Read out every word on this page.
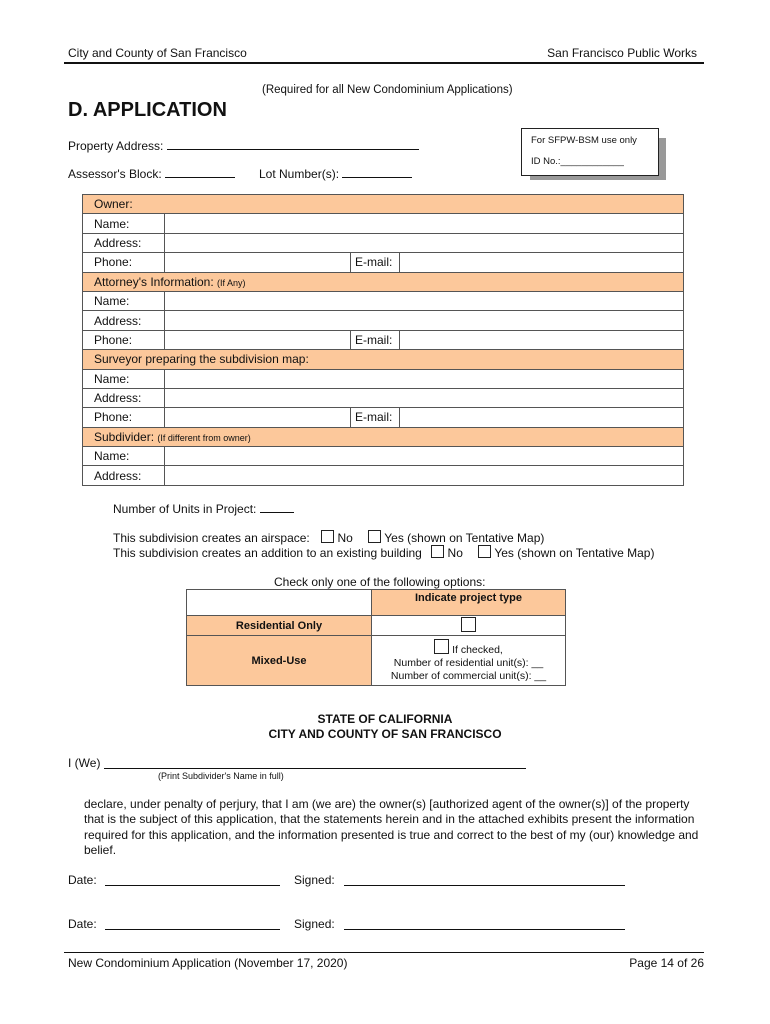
City and County of San Francisco	San Francisco Public Works
(Required for all New Condominium Applications)
D. APPLICATION
Property Address:
Assessor's Block:	Lot Number(s):
For SFPW-BSM use only
ID No.:____________
Owner:			
Name:			
Address:			
Phone:		E-mail:	
Attorney's Information: (If Any)			
Name:			
Address:			
Phone:		E-mail:	
Surveyor preparing the subdivision map:			
Name:			
Address:			
Phone:		E-mail:	
Subdivider: (If different from owner)			
Name:			
Address:			
Number of Units in Project:
This subdivision creates an airspace: No	Yes (shown on Tentative Map)
This subdivision creates an addition to an existing building No	Yes (shown on Tentative Map)
Check only one of the following options:
	Indicate project type
Residential Only	
Mixed-Use	If checked,
Number of residential unit(s): __
Number of commercial unit(s): __
STATE OF CALIFORNIA
CITY AND COUNTY OF SAN FRANCISCO
I (We)
(Print Subdivider's Name in full)
declare, under penalty of perjury, that I am (we are) the owner(s) [authorized agent of the owner(s)] of the property that is the subject of this application, that the statements herein and in the attached exhibits present the information required for this application, and the information presented is true and correct to the best of my (our) knowledge and belief.
Date:	Signed:
Date:	Signed:
New Condominium Application (November 17, 2020)	Page 14 of 26
